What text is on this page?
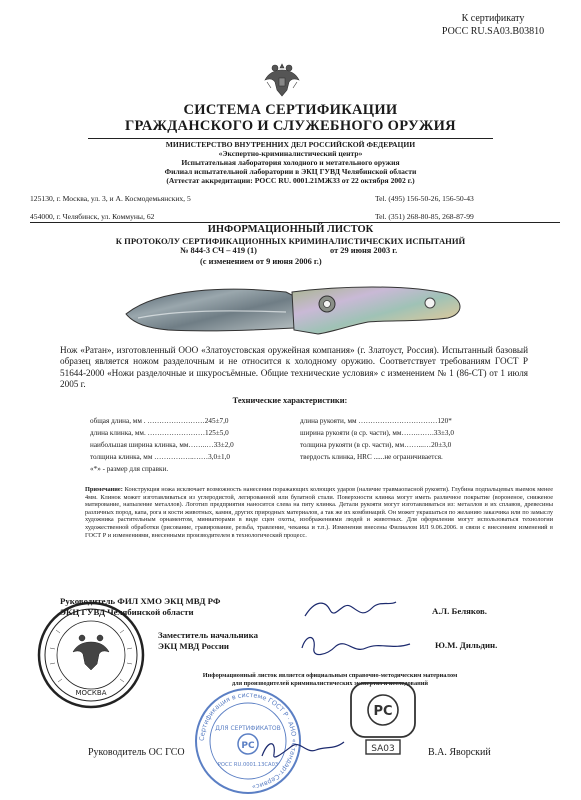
К сертификату
РОСС RU.SA03.B03810
СИСТЕМА СЕРТИФИКАЦИИ
ГРАЖДАНСКОГО И СЛУЖЕБНОГО ОРУЖИЯ
МИНИСТЕРСТВО ВНУТРЕННИХ ДЕЛ РОССИЙСКОЙ ФЕДЕРАЦИИ
«Экспертно-криминалистический центр»
Испытательная лаборатория холодного и метательного оружия
Филиал испытательной лаборатории в ЭКЦ ГУВД Челябинской области
(Аттестат аккредитации: РОСС RU. 0001.21МЖ33 от 22 октября 2002 г.)
125130, г. Москва, ул. 3, и А. Космодемьянских, 5	Tel. (495) 156-50-26, 156-50-43
454000, г. Челябинск, ул. Коммуны, 62	Tel. (351) 268-80-85, 268-87-99
ИНФОРМАЦИОННЫЙ ЛИСТОК
К ПРОТОКОЛУ СЕРТИФИКАЦИОННЫХ КРИМИНАЛИСТИЧЕСКИХ ИСПЫТАНИЙ
№ 844-3 СЧ – 419 (1)	от 29 июня 2003 г.
(с изменением от 9 июня 2006 г.)
Нож «Ратан», изготовленный ООО «Златоустовская оружейная компания» (г. Златоуст, Россия). Испытанный базовый образец является ножом разделочным и не относится к холодному оружию. Соответствует требованиям ГОСТ Р 51644-2000 «Ножи разделочные и шкуросъёмные. Общие технические условия» с изменением № 1 (86-СТ) от 1 июля 2005 г.
Технические характеристики:
общая длина, мм . ……………………245±7,0
длина клинка, мм. ……………………125±5,0
наибольшая ширина клинка, мм……..…33±2,0
толщина клинка, мм ……………..……3,0±1,0
«*» - размер для справки.
длина рукояти, мм ……………………………120*
ширина рукояти (в ср. части), мм…….…….33±3,0
толщина рукояти (в ср. части), мм……...…20±3,0
твердость клинка, HRC ......не ограничивается.
Примечание: Конструкция ножа исключает возможность нанесения поражающих колющих ударов (наличие травмаопасной рукояти). Глубина подпальцевых выемок менее 4мм. Клинок может изготавливаться из углеродистой, легированной или булатной стали. Поверхности клинка могут иметь различное покрытие (вороненое, сниженое матирование, напыление металлов). Логотип предприятия наносится слева на пяту клинка. Детали рукояти могут изготавливаться из: металлов и их сплавов, древесины различных пород, капа, рога и кости животных, камня, других природных материалов, а так же их комбинаций. Он может украшаться по желанию заказчика или по замыслу художника растительным орнаментом, миниатюрами в виде сцен охоты, изображениями людей и животных. Для оформления могут использоваться технологии художественной обработки (рисование, гравирование, резьба, травление, чеканка и т.п.). Изменения внесены Филиалом ИЛ 9.06.2006. в связи с внесением изменений в ГОСТ Р и изменениями, внесенными производителем в технологический процесс.
МОСКВА
Руководитель ФИЛ ХМО ЭКЦ МВД РФ
ЭКЦ ГУВД Челябинской области	А.Л. Беляков.
Заместитель начальника
ЭКЦ МВД России	Ю.М. Дильдин.
Информационный листок является официальным справочно-методическим материалом
для производителей криминалистических экспертиз и исследований
Сертификация в системе ГОСТ Р · АНО «Стандарт-Сервис»
ДЛЯ СЕРТИФИКАТОВ
РС
РОСС RU.0001.13СА03
РС
SA03
Руководитель ОС ГСО	В.А. Яворский
